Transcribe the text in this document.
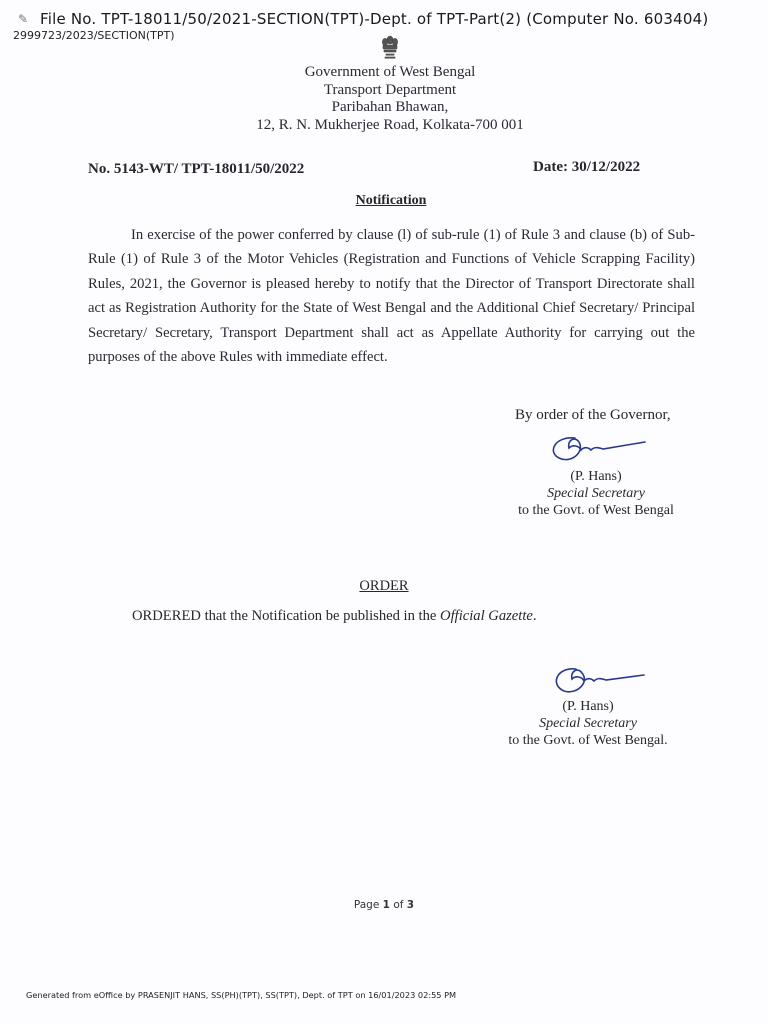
✎ File No. TPT-18011/50/2021-SECTION(TPT)-Dept. of TPT-Part(2) (Computer No. 603404)
2999723/2023/SECTION(TPT)
Government of West Bengal
Transport Department
Paribahan Bhawan,
12, R. N. Mukherjee Road, Kolkata-700 001
No. 5143-WT/ TPT-18011/50/2022	Date: 30/12/2022
Notification
In exercise of the power conferred by clause (l) of sub-rule (1) of Rule 3 and clause (b) of Sub-Rule (1) of Rule 3 of the Motor Vehicles (Registration and Functions of Vehicle Scrapping Facility) Rules, 2021, the Governor is pleased hereby to notify that the Director of Transport Directorate shall act as Registration Authority for the State of West Bengal and the Additional Chief Secretary/ Principal Secretary/ Secretary, Transport Department shall act as Appellate Authority for carrying out the purposes of the above Rules with immediate effect.
By order of the Governor,
(P. Hans)
Special Secretary
to the Govt. of West Bengal
ORDER
ORDERED that the Notification be published in the Official Gazette.
(P. Hans)
Special Secretary
to the Govt. of West Bengal.
Page 1 of 3
Generated from eOffice by PRASENJIT HANS, SS(PH)(TPT), SS(TPT), Dept. of TPT on 16/01/2023 02:55 PM
